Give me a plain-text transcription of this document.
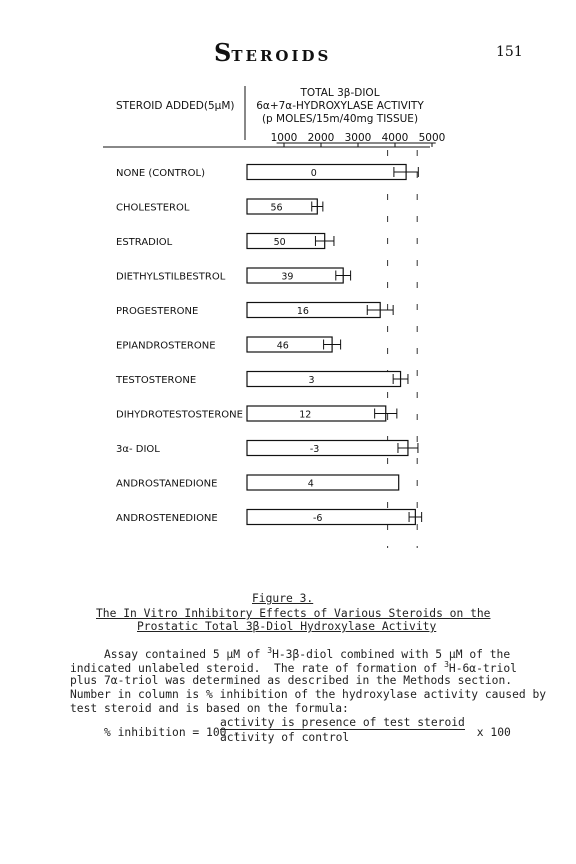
STEROIDS	151
TOTAL 3β-DIOL
6α+7α-HYDROXYLASE ACTIVITY
(p MOLES/15m/40mg TISSUE)
STEROID ADDED(5μM)
1000 2000 3000 4000 5000
NONE (CONTROL)	0
CHOLESTEROL	56
ESTRADIOL	50
DIETHYLSTILBESTROL	39
PROGESTERONE	16
EPIANDROSTERONE	46
TESTOSTERONE	3
DIHYDROTESTOSTERONE	12
3α- DIOL	-3
ANDROSTANEDIONE	4
ANDROSTENEDIONE	-6
Figure 3.
The In Vitro Inhibitory Effects of Various Steroids on the
Prostatic Total 3β-Diol Hydroxylase Activity
Assay contained 5 μM of $^3$H-3β-diol combined with 5 μM of the
indicated unlabeled steroid.  The rate of formation of $^3$H-6α-triol
plus 7α-triol was determined as described in the Methods section.
Number in column is % inhibition of the hydroxylase activity caused by
test steroid and is based on the formula:

% inhibition = 100 -

activity is presence of test steroid

activity of control

	x 100
